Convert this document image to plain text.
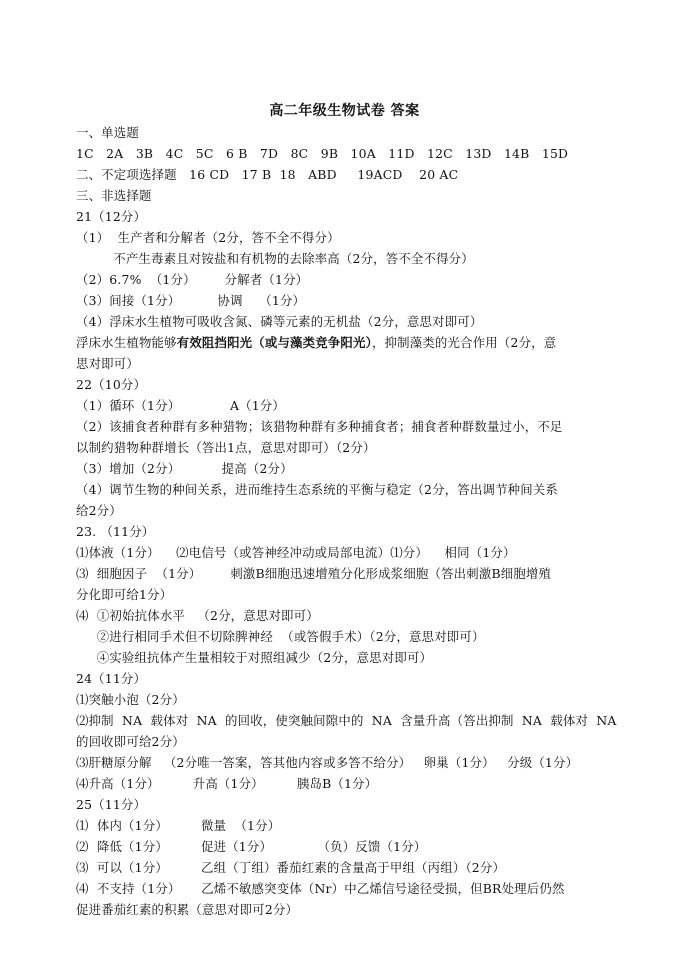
高二年级生物试卷 答案
一、单选题
1C   2A   3B   4C   5C   6 B   7D   8C   9B   10A   11D   12C   13D   14B   15D
二、不定项选择题   16 CD   17 B  18   ABD     19ACD    20 AC
三、非选择题
21（12分）
（1）  生产者和分解者（2分，答不全不得分）
不产生毒素且对铵盐和有机物的去除率高（2分，答不全不得分）
（2）6.7%  （1分）       分解者（1分）
（3）间接（1分）         协调    （1分）
（4）浮床水生植物可吸收含氮、磷等元素的无机盐（2分，意思对即可）
浮床水生植物能够有效阻挡阳光（或与藻类竞争阳光），抑制藻类的光合作用（2分，意
思对即可）
22（10分）
（1）循环（1分）            A（1分）
（2）该捕食者种群有多种猎物；该猎物种群有多种捕食者；捕食者种群数量过小，不足
以制约猎物种群增长（答出1点，意思对即可）（2分）
（3）增加（2分）          提高（2分）
（4）调节生物的种间关系，进而维持生态系统的平衡与稳定（2分，答出调节种间关系
给2分）
23. （11分）
⑴体液（1分）    ⑵电信号（或答神经冲动或局部电流）⑴分）    相同（1分）
⑶  细胞因子  （1分）       刺激B细胞迅速增殖分化形成浆细胞（答出刺激B细胞增殖
分化即可给1分）
⑷  ①初始抗体水平   （2分，意思对即可）
②进行相同手术但不切除脾神经  （或答假手术）（2分，意思对即可）
④实验组抗体产生量相较于对照组减少（2分，意思对即可）
24（11分）
⑴突触小泡（2分）
⑵抑制  NA  载体对  NA  的回收，使突触间隙中的  NA  含量升高（答出抑制  NA  载体对  NA
的回收即可给2分）
⑶肝糖原分解   （2分唯一答案，答其他内容或多答不给分）   卵巢（1分）   分级（1分）
⑷升高（1分）        升高（1分）        胰岛B（1分）
25（11分）
⑴  体内（1分）        微量  （1分）
⑵  降低（1分）        促进（1分）           （负）反馈（1分）
⑶  可以（1分）        乙组（丁组）番茄红素的含量高于甲组（丙组）（2分）
⑷  不支持（1分）     乙烯不敏感突变体（Nr）中乙烯信号途径受损，但BR处理后仍然
促进番茄红素的积累（意思对即可2分）
